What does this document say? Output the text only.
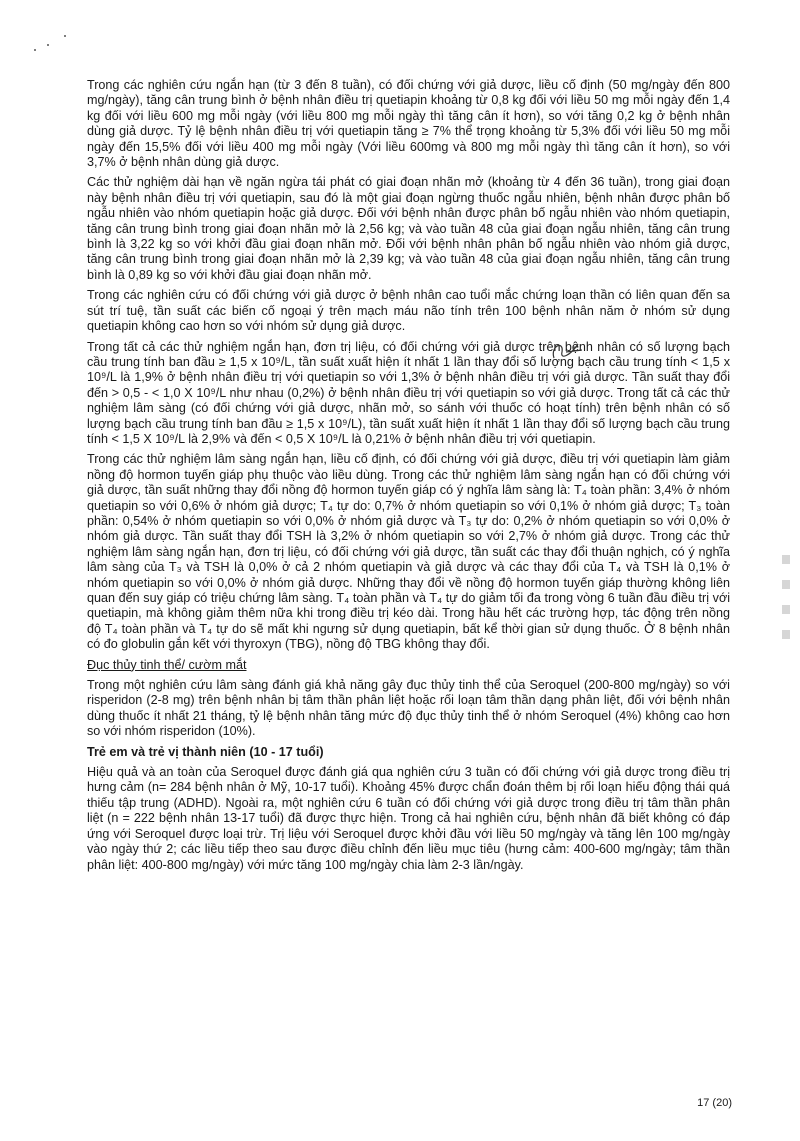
Trong các nghiên cứu ngắn hạn (từ 3 đến 8 tuần), có đối chứng với giả dược, liều cố định (50 mg/ngày đến 800 mg/ngày), tăng cân trung bình ở bệnh nhân điều trị quetiapin khoảng từ 0,8 kg đối với liều 50 mg mỗi ngày đến 1,4 kg đối với liều 600 mg mỗi ngày (với liều 800 mg mỗi ngày thì tăng cân ít hơn), so với tăng 0,2 kg ở bệnh nhân dùng giả dược. Tỷ lệ bệnh nhân điều trị với quetiapin tăng ≥ 7% thể trọng khoảng từ 5,3% đối với liều 50 mg mỗi ngày đến 15,5% đối với liều 400 mg mỗi ngày (Với liều 600mg và 800 mg mỗi ngày thì tăng cân ít hơn), so với 3,7% ở bệnh nhân dùng giả dược.

Các thử nghiệm dài hạn về ngăn ngừa tái phát có giai đoạn nhãn mở (khoảng từ 4 đến 36 tuần), trong giai đoạn này bệnh nhân điều trị với quetiapin, sau đó là một giai đoạn ngừng thuốc ngẫu nhiên, bệnh nhân được phân bố ngẫu nhiên vào nhóm quetiapin hoặc giả dược. Đối với bệnh nhân được phân bố ngẫu nhiên vào nhóm quetiapin, tăng cân trung bình trong giai đoạn nhãn mở là 2,56 kg; và vào tuần 48 của giai đoạn ngẫu nhiên, tăng cân trung bình là 3,22 kg so với khởi đầu giai đoạn nhãn mở. Đối với bệnh nhân phân bố ngẫu nhiên vào nhóm giả dược, tăng cân trung bình trong giai đoạn nhãn mở là 2,39 kg; và vào tuần 48 của giai đoạn ngẫu nhiên, tăng cân trung bình là 0,89 kg so với khởi đầu giai đoạn nhãn mở.

Trong các nghiên cứu có đối chứng với giả dược ở bệnh nhân cao tuổi mắc chứng loạn thần có liên quan đến sa sút trí tuệ, tần suất các biến cố ngoại ý trên mạch máu não tính trên 100 bệnh nhân năm ở nhóm sử dụng quetiapin không cao hơn so với nhóm sử dụng giả dược.

Trong tất cả các thử nghiệm ngắn hạn, đơn trị liệu, có đối chứng với giả dược trên bệnh nhân có số lượng bạch cầu trung tính ban đầu ≥ 1,5 x 10⁹/L, tần suất xuất hiện ít nhất 1 lần thay đổi số lượng bạch cầu trung tính < 1,5 x 10⁹/L là 1,9% ở bệnh nhân điều trị với quetiapin so với 1,3% ở bệnh nhân điều trị với giả dược. Tần suất thay đổi đến > 0,5 - < 1,0 X 10⁹/L như nhau (0,2%) ở bệnh nhân điều trị với quetiapin so với giả dược. Trong tất cả các thử nghiệm lâm sàng (có đối chứng với giả dược, nhãn mở, so sánh với thuốc có hoạt tính) trên bệnh nhân có số lượng bạch cầu trung tính ban đầu ≥ 1,5 x 10⁹/L), tần suất xuất hiện ít nhất 1 lần thay đổi số lượng bạch cầu trung tính < 1,5 X 10⁹/L là 2,9% và đến < 0,5 X 10⁹/L là 0,21% ở bệnh nhân điều trị với quetiapin.

Trong các thử nghiệm lâm sàng ngắn hạn, liều cố định, có đối chứng với giả dược, điều trị với quetiapin làm giảm nồng độ hormon tuyến giáp phụ thuộc vào liều dùng. Trong các thử nghiệm lâm sàng ngắn hạn có đối chứng với giả dược, tần suất những thay đổi nồng độ hormon tuyến giáp có ý nghĩa lâm sàng là: T₄ toàn phần: 3,4% ở nhóm quetiapin so với 0,6% ở nhóm giả dược; T₄ tự do: 0,7% ở nhóm quetiapin so với 0,1% ở nhóm giả dược; T₃ toàn phần: 0,54% ở nhóm quetiapin so với 0,0% ở nhóm giả dược và T₃ tự do: 0,2% ở nhóm quetiapin so với 0,0% ở nhóm giả dược. Tần suất thay đổi TSH là 3,2% ở nhóm quetiapin so với 2,7% ở nhóm giả dược. Trong các thử nghiệm lâm sàng ngắn hạn, đơn trị liệu, có đối chứng với giả dược, tần suất các thay đổi thuận nghịch, có ý nghĩa lâm sàng của T₃ và TSH là 0,0% ở cả 2 nhóm quetiapin và giả dược và các thay đổi của T₄ và TSH là 0,1% ở nhóm quetiapin so với 0,0% ở nhóm giả dược. Những thay đổi về nồng độ hormon tuyến giáp thường không liên quan đến suy giáp có triệu chứng lâm sàng. T₄ toàn phần và T₄ tự do giảm tối đa trong vòng 6 tuần đầu điều trị với quetiapin, mà không giảm thêm nữa khi trong điều trị kéo dài. Trong hầu hết các trường hợp, tác động trên nồng độ T₄ toàn phần và T₄ tự do sẽ mất khi ngưng sử dụng quetiapin, bất kể thời gian sử dụng thuốc. Ở 8 bệnh nhân có đo globulin gắn kết với thyroxyn (TBG), nồng độ TBG không thay đổi.

Đục thủy tinh thể/ cườm mắt

Trong một nghiên cứu lâm sàng đánh giá khả năng gây đục thủy tinh thể của Seroquel (200-800 mg/ngày) so với risperidon (2-8 mg) trên bệnh nhân bị tâm thần phân liệt hoặc rối loạn tâm thần dạng phân liệt, đối với bệnh nhân dùng thuốc ít nhất 21 tháng, tỷ lệ bệnh nhân tăng mức độ đục thủy tinh thể ở nhóm Seroquel (4%) không cao hơn so với nhóm risperidon (10%).

Trẻ em và trẻ vị thành niên (10 - 17 tuổi)

Hiệu quả và an toàn của Seroquel được đánh giá qua nghiên cứu 3 tuần có đối chứng với giả dược trong điều trị hưng cảm (n= 284 bệnh nhân ở Mỹ, 10-17 tuổi). Khoảng 45% được chẩn đoán thêm bị rối loạn hiếu động thái quá thiếu tập trung (ADHD). Ngoài ra, một nghiên cứu 6 tuần có đối chứng với giả dược trong điều trị tâm thần phân liệt (n = 222 bệnh nhân 13-17 tuổi) đã được thực hiện. Trong cả hai nghiên cứu, bệnh nhân đã biết không có đáp ứng với Seroquel được loại trừ. Trị liệu với Seroquel được khởi đầu với liều 50 mg/ngày và tăng lên 100 mg/ngày vào ngày thứ 2; các liều tiếp theo sau được điều chỉnh đến liều mục tiêu (hưng cảm: 400-600 mg/ngày; tâm thần phân liệt: 400-800 mg/ngày) với mức tăng 100 mg/ngày chia làm 2-3 lần/ngày.

17 (20)
